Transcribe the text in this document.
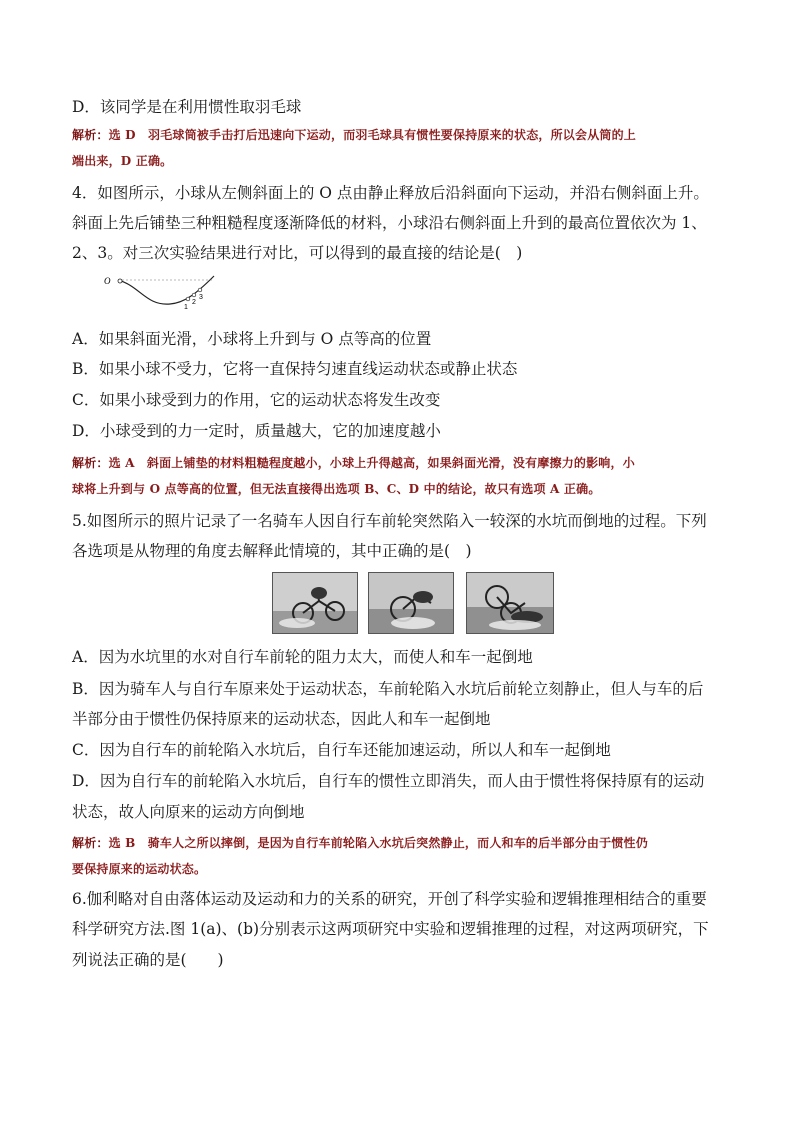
D．该同学是在利用惯性取羽毛球
解析：选 D　羽毛球筒被手击打后迅速向下运动，而羽毛球具有惯性要保持原来的状态，所以会从筒的上
端出来，D 正确。
4．如图所示，小球从左侧斜面上的 O 点由静止释放后沿斜面向下运动，并沿右侧斜面上升。
斜面上先后铺垫三种粗糙程度逐渐降低的材料，小球沿右侧斜面上升到的最高位置依次为 1、
2、3。对三次实验结果进行对比，可以得到的最直接的结论是(　)
O
1
2
3
A．如果斜面光滑，小球将上升到与 O 点等高的位置
B．如果小球不受力，它将一直保持匀速直线运动状态或静止状态
C．如果小球受到力的作用，它的运动状态将发生改变
D．小球受到的力一定时，质量越大，它的加速度越小
解析：选 A　斜面上铺垫的材料粗糙程度越小，小球上升得越高，如果斜面光滑，没有摩擦力的影响，小
球将上升到与 O 点等高的位置，但无法直接得出选项 B、C、D 中的结论，故只有选项 A 正确。
5.如图所示的照片记录了一名骑车人因自行车前轮突然陷入一较深的水坑而倒地的过程。下列
各选项是从物理的角度去解释此情境的，其中正确的是(　)
A．因为水坑里的水对自行车前轮的阻力太大，而使人和车一起倒地
B．因为骑车人与自行车原来处于运动状态，车前轮陷入水坑后前轮立刻静止，但人与车的后
半部分由于惯性仍保持原来的运动状态，因此人和车一起倒地
C．因为自行车的前轮陷入水坑后，自行车还能加速运动，所以人和车一起倒地
D．因为自行车的前轮陷入水坑后，自行车的惯性立即消失，而人由于惯性将保持原有的运动
状态，故人向原来的运动方向倒地
解析：选 B　骑车人之所以摔倒，是因为自行车前轮陷入水坑后突然静止，而人和车的后半部分由于惯性仍
要保持原来的运动状态。
6.伽利略对自由落体运动及运动和力的关系的研究，开创了科学实验和逻辑推理相结合的重要
科学研究方法.图 1(a)、(b)分别表示这两项研究中实验和逻辑推理的过程，对这两项研究，下
列说法正确的是(　　)
